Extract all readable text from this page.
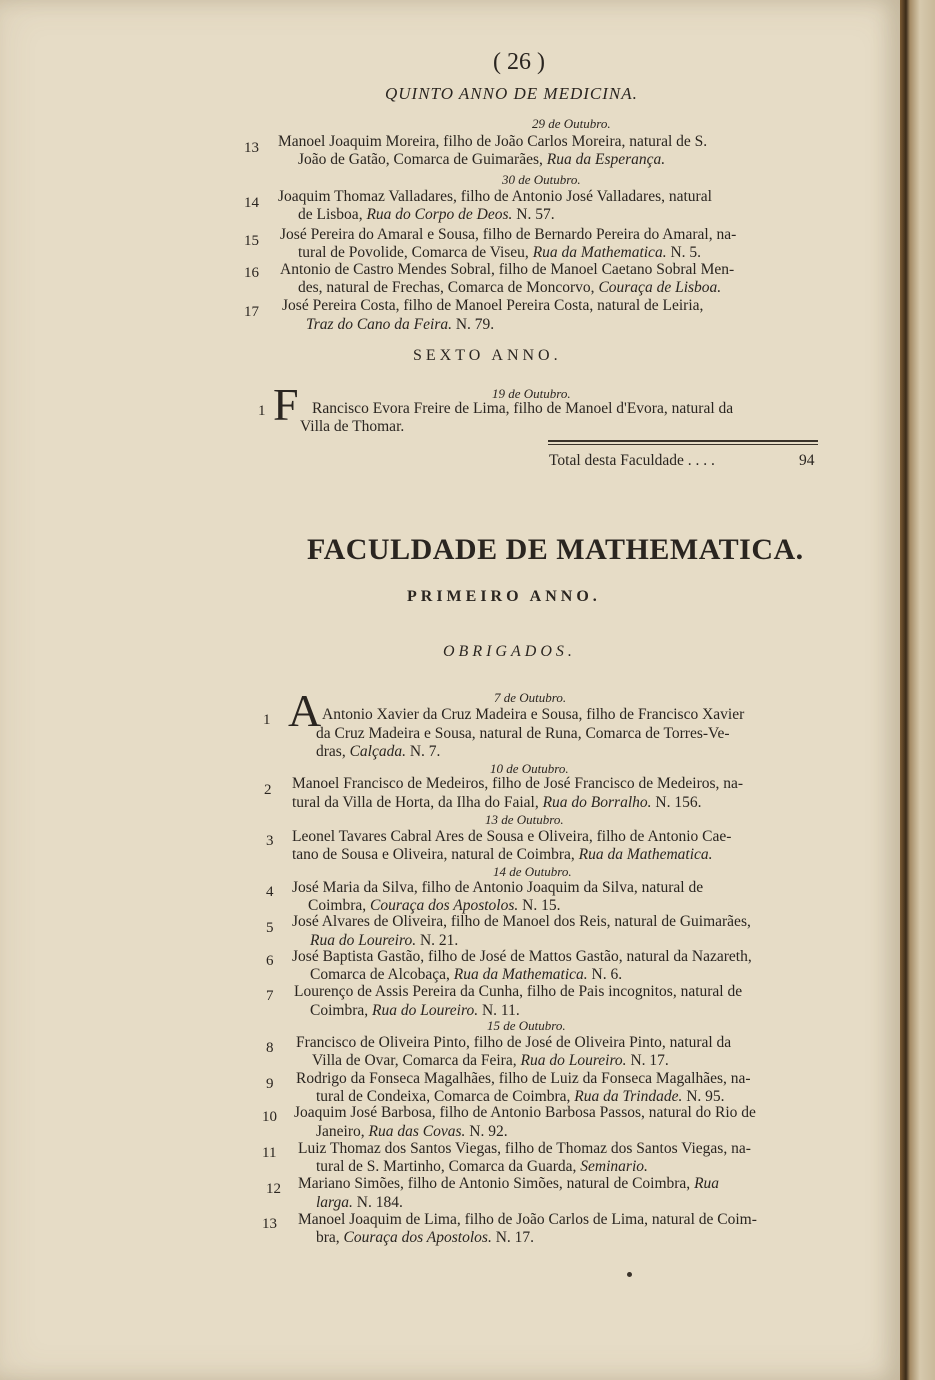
( 26 )
QUINTO ANNO DE MEDICINA.
29 de Outubro.
13 Manoel Joaquim Moreira, filho de João Carlos Moreira, natural de S.
João de Gatão, Comarca de Guimarães, Rua da Esperança.
30 de Outubro.
14 Joaquim Thomaz Valladares, filho de Antonio José Valladares, natural
de Lisboa, Rua do Corpo de Deos. N. 57.
15 José Pereira do Amaral e Sousa, filho de Bernardo Pereira do Amaral, na-
tural de Povolide, Comarca de Viseu, Rua da Mathematica. N. 5.
16 Antonio de Castro Mendes Sobral, filho de Manoel Caetano Sobral Men-
des, natural de Frechas, Comarca de Moncorvo, Couraça de Lisboa.
17 José Pereira Costa, filho de Manoel Pereira Costa, natural de Leiria,
Traz do Cano da Feira. N. 79.
SEXTO ANNO.
19 de Outubro.
1 F Rancisco Evora Freire de Lima, filho de Manoel d'Evora, natural da
Villa de Thomar.
Total desta Faculdade . . . .	94
FACULDADE DE MATHEMATICA.
PRIMEIRO ANNO.
OBRIGADOS.
7 de Outubro.
1 A Antonio Xavier da Cruz Madeira e Sousa, filho de Francisco Xavier
da Cruz Madeira e Sousa, natural de Runa, Comarca de Torres-Ve-
dras, Calçada. N. 7.
10 de Outubro.
2 Manoel Francisco de Medeiros, filho de José Francisco de Medeiros, na-
tural da Villa de Horta, da Ilha do Faial, Rua do Borralho. N. 156.
13 de Outubro.
3 Leonel Tavares Cabral Ares de Sousa e Oliveira, filho de Antonio Cae-
tano de Sousa e Oliveira, natural de Coimbra, Rua da Mathematica.
14 de Outubro.
4 José Maria da Silva, filho de Antonio Joaquim da Silva, natural de
Coimbra, Couraça dos Apostolos. N. 15.
5 José Alvares de Oliveira, filho de Manoel dos Reis, natural de Guimarães,
Rua do Loureiro. N. 21.
6 José Baptista Gastão, filho de José de Mattos Gastão, natural da Nazareth,
Comarca de Alcobaça, Rua da Mathematica. N. 6.
7 Lourenço de Assis Pereira da Cunha, filho de Pais incognitos, natural de
Coimbra, Rua do Loureiro. N. 11.
15 de Outubro.
8 Francisco de Oliveira Pinto, filho de José de Oliveira Pinto, natural da
Villa de Ovar, Comarca da Feira, Rua do Loureiro. N. 17.
9 Rodrigo da Fonseca Magalhães, filho de Luiz da Fonseca Magalhães, na-
tural de Condeixa, Comarca de Coimbra, Rua da Trindade. N. 95.
10 Joaquim José Barbosa, filho de Antonio Barbosa Passos, natural do Rio de
Janeiro, Rua das Covas. N. 92.
11 Luiz Thomaz dos Santos Viegas, filho de Thomaz dos Santos Viegas, na-
tural de S. Martinho, Comarca da Guarda, Seminario.
12 Mariano Simões, filho de Antonio Simões, natural de Coimbra, Rua
larga. N. 184.
13 Manoel Joaquim de Lima, filho de João Carlos de Lima, natural de Coim-
bra, Couraça dos Apostolos. N. 17.
